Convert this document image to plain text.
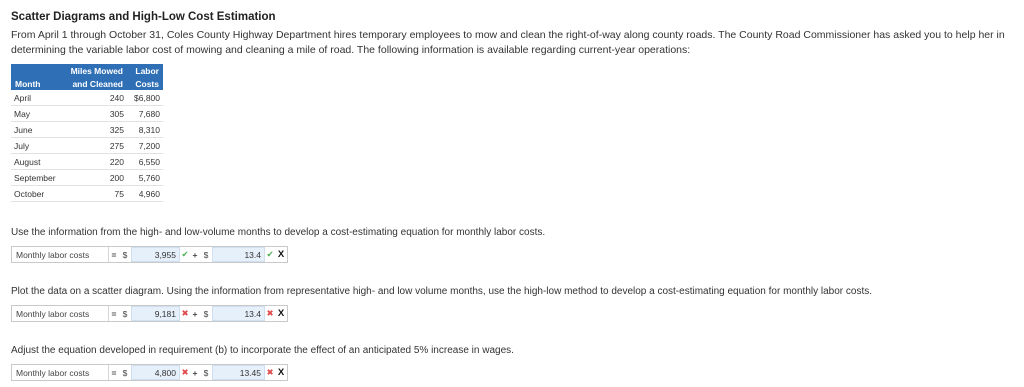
Scatter Diagrams and High-Low Cost Estimation
From April 1 through October 31, Coles County Highway Department hires temporary employees to mow and clean the right-of-way along county roads. The County Road Commissioner has asked you to help her in determining the variable labor cost of mowing and cleaning a mile of road. The following information is available regarding current-year operations:
Month	Miles Mowed	Labor
	and Cleaned	Costs
April	240	$6,800
May	305	7,680
June	325	8,310
July	275	7,200
August	220	6,550
September	200	5,760
October	75	4,960
Use the information from the high- and low-volume months to develop a cost-estimating equation for monthly labor costs.
Monthly labor costs	= $	3,955 ✔ + $	13.4 ✔ X
Plot the data on a scatter diagram. Using the information from representative high- and low volume months, use the high-low method to develop a cost-estimating equation for monthly labor costs.
Monthly labor costs	= $	9,181 ✖ + $	13.4 ✖ X
Adjust the equation developed in requirement (b) to incorporate the effect of an anticipated 5% increase in wages.
Monthly labor costs	= $	4,800 ✖ + $	13.45 ✖ X
